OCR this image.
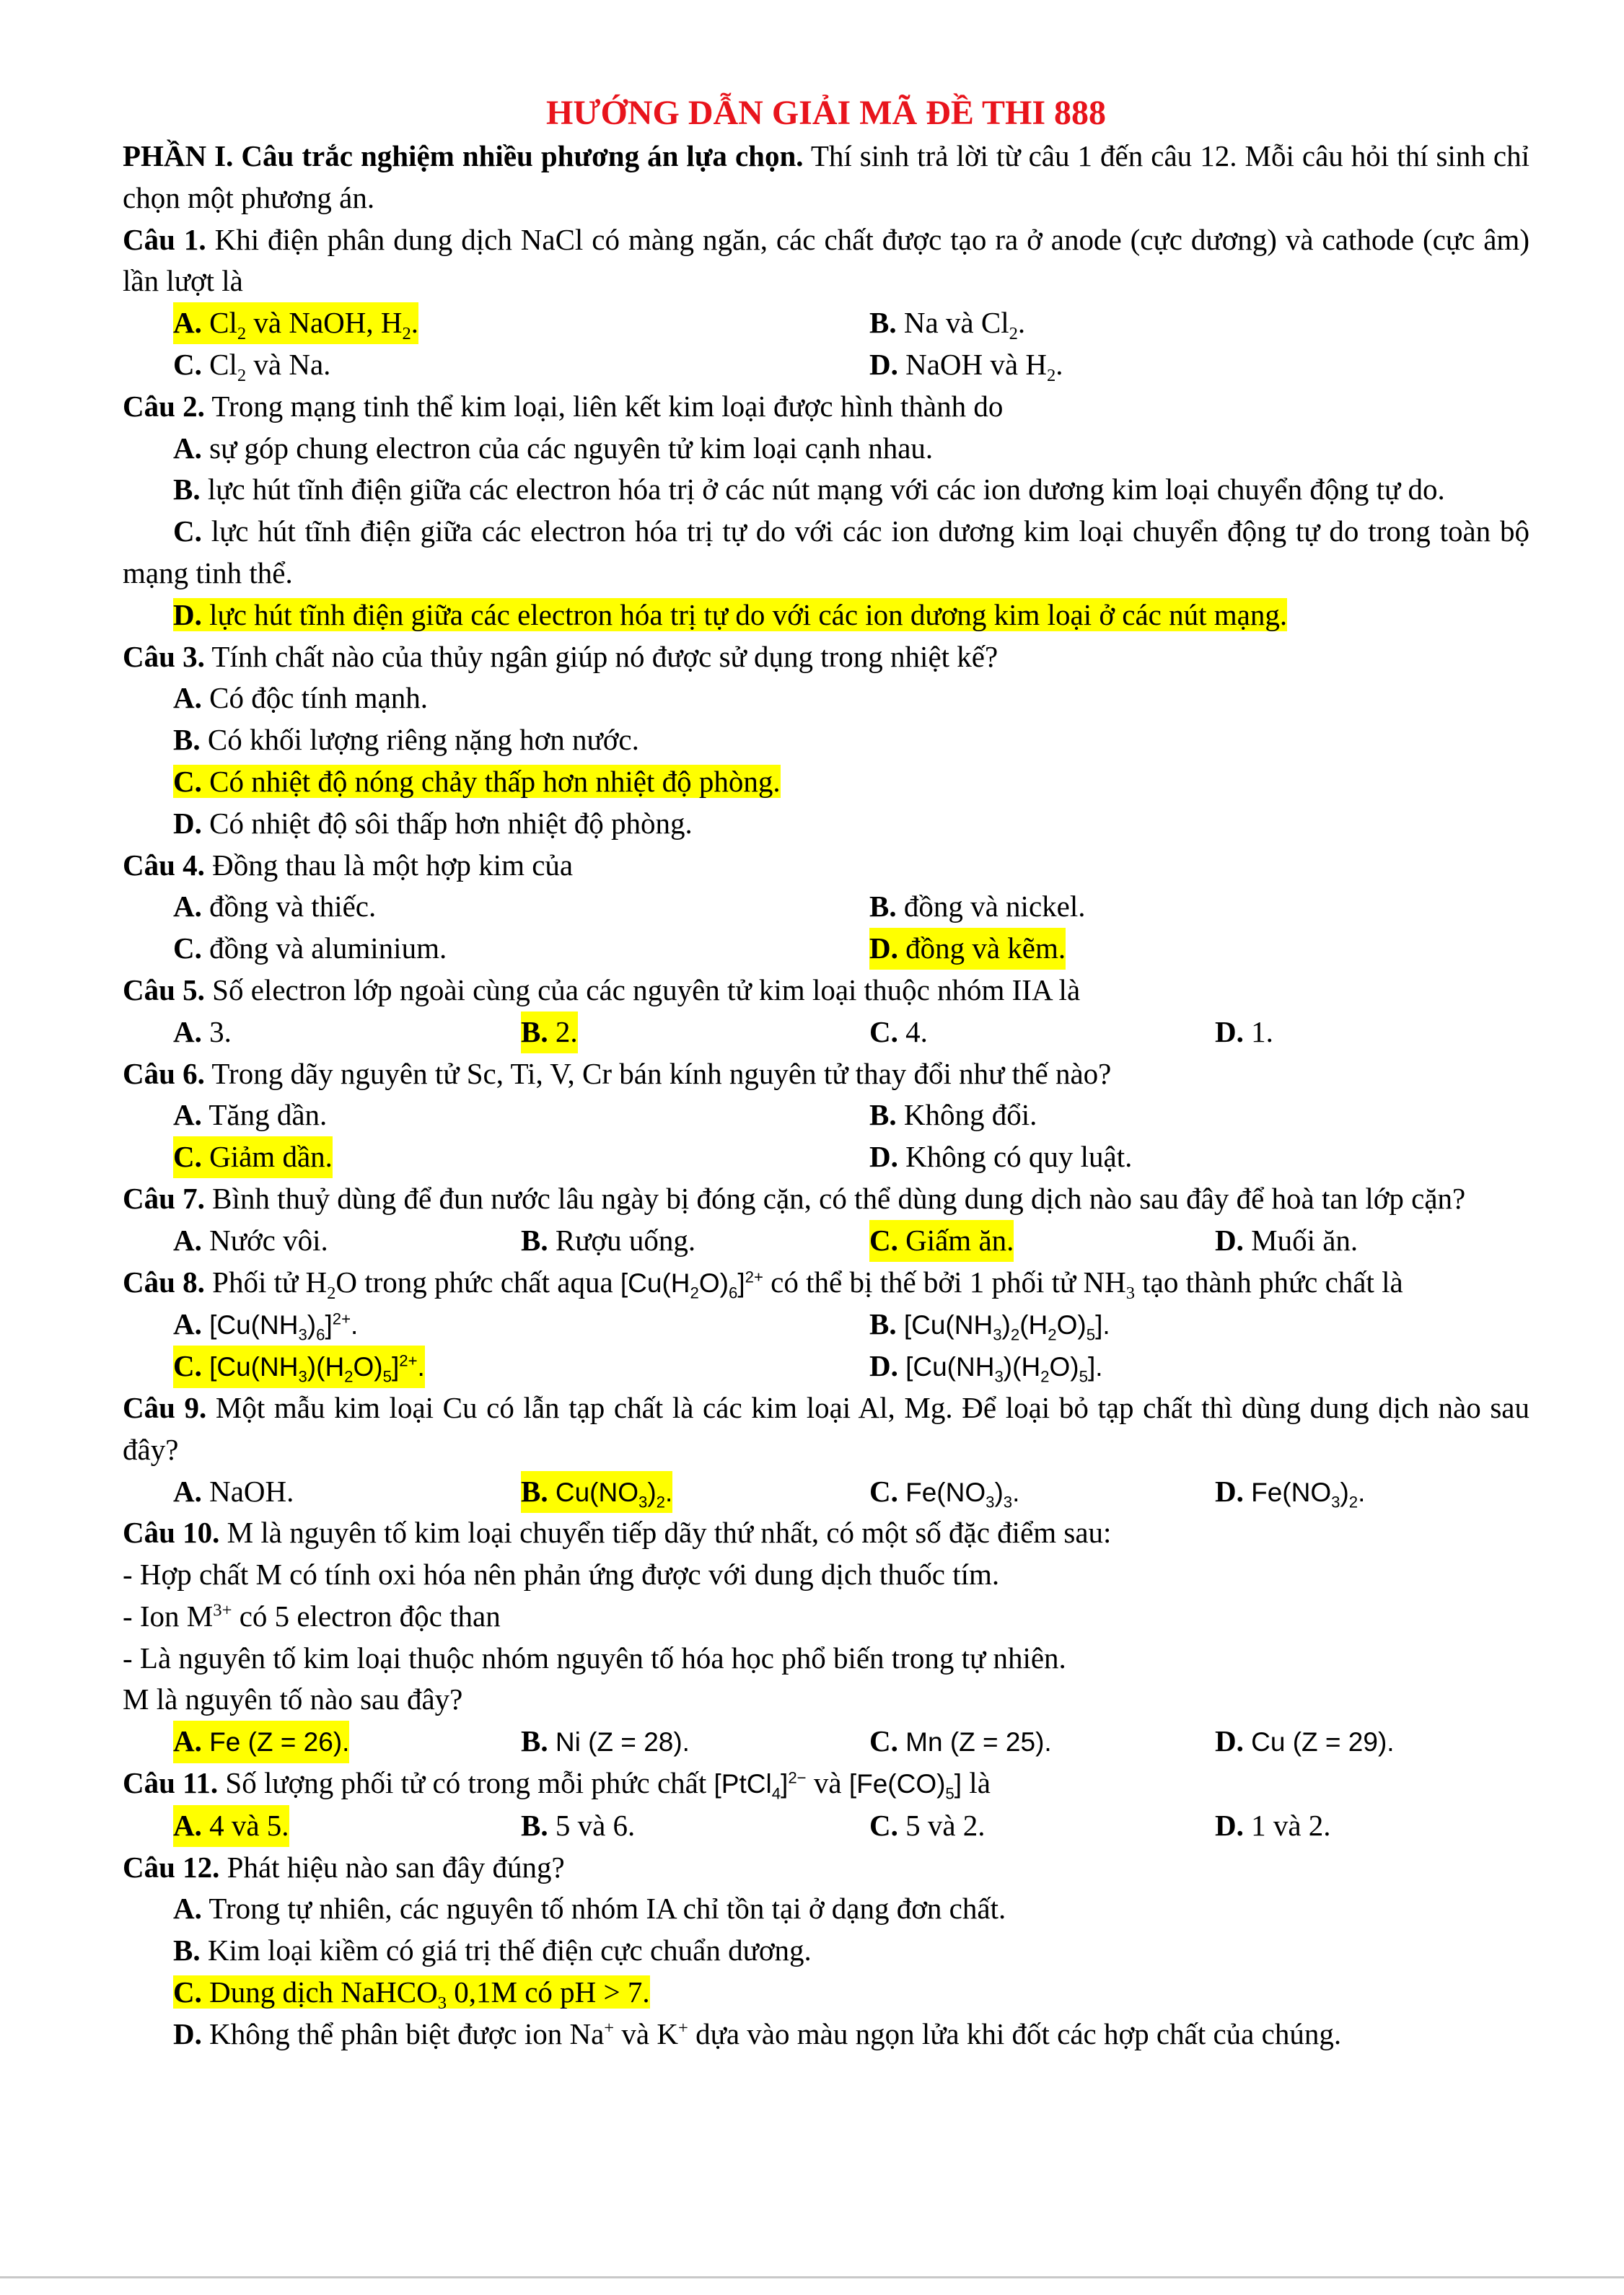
HƯỚNG DẪN GIẢI MÃ ĐỀ THI 888
PHẦN I. Câu trắc nghiệm nhiều phương án lựa chọn. Thí sinh trả lời từ câu 1 đến câu 12. Mỗi câu hỏi thí sinh chỉ chọn một phương án.
Câu 1. Khi điện phân dung dịch NaCl có màng ngăn, các chất được tạo ra ở anode (cực dương) và cathode (cực âm) lần lượt là
A. $Cl_2$ và NaOH, $H_2$.	B. Na và $Cl_2$.
C. $Cl_2$ và Na.	D. NaOH và $H_2$.
Câu 2. Trong mạng tinh thể kim loại, liên kết kim loại được hình thành do
A. sự góp chung electron của các nguyên tử kim loại cạnh nhau.
B. lực hút tĩnh điện giữa các electron hóa trị ở các nút mạng với các ion dương kim loại chuyển động tự do.
C. lực hút tĩnh điện giữa các electron hóa trị tự do với các ion dương kim loại chuyển động tự do trong toàn bộ mạng tinh thể.
D. lực hút tĩnh điện giữa các electron hóa trị tự do với các ion dương kim loại ở các nút mạng.
Câu 3. Tính chất nào của thủy ngân giúp nó được sử dụng trong nhiệt kế?
A. Có độc tính mạnh.
B. Có khối lượng riêng nặng hơn nước.
C. Có nhiệt độ nóng chảy thấp hơn nhiệt độ phòng.
D. Có nhiệt độ sôi thấp hơn nhiệt độ phòng.
Câu 4. Đồng thau là một hợp kim của
A. đồng và thiếc.	B. đồng và nickel.
C. đồng và aluminium.	D. đồng và kẽm.
Câu 5. Số electron lớp ngoài cùng của các nguyên tử kim loại thuộc nhóm IIA là
A. 3.	B. 2.	C. 4.	D. 1.
Câu 6. Trong dãy nguyên tử Sc, Ti, V, Cr bán kính nguyên tử thay đổi như thế nào?
A. Tăng dần.	B. Không đổi.
C. Giảm dần.	D. Không có quy luật.
Câu 7. Bình thuỷ dùng để đun nước lâu ngày bị đóng cặn, có thể dùng dung dịch nào sau đây để hoà tan lớp cặn?
A. Nước vôi.	B. Rượu uống.	C. Giấm ăn.	D. Muối ăn.
Câu 8. Phối tử $H_2O$ trong phức chất aqua $[Cu(H_2O)_6]^{2+}$ có thể bị thế bởi 1 phối tử $NH_3$ tạo thành phức chất là
A. $[Cu(NH_3)_6]^{2+}$.	B. $[Cu(NH_3)_2(H_2O)_5]$.
C. $[Cu(NH_3)(H_2O)_5]^{2+}$.	D. $[Cu(NH_3)(H_2O)_5]$.
Câu 9. Một mẫu kim loại Cu có lẫn tạp chất là các kim loại Al, Mg. Để loại bỏ tạp chất thì dùng dung dịch nào sau đây?
A. NaOH.	B. $Cu(NO_3)_2$.	C. $Fe(NO_3)_3$.	D. $Fe(NO_3)_2$.
Câu 10. M là nguyên tố kim loại chuyển tiếp dãy thứ nhất, có một số đặc điểm sau:
- Hợp chất M có tính oxi hóa nên phản ứng được với dung dịch thuốc tím.
- Ion $M^{3+}$ có 5 electron độc than
- Là nguyên tố kim loại thuộc nhóm nguyên tố hóa học phổ biến trong tự nhiên.
M là nguyên tố nào sau đây?
A. Fe (Z = 26).	B. Ni (Z = 28).	C. Mn (Z = 25).	D. Cu (Z = 29).
Câu 11. Số lượng phối tử có trong mỗi phức chất [PtCl$_4$]$^{2-}$ và $[Fe(CO)_5]$ là
A. 4 và 5.	B. 5 và 6.	C. 5 và 2.	D. 1 và 2.
Câu 12. Phát hiệu nào san đây đúng?
A. Trong tự nhiên, các nguyên tố nhóm IA chỉ tồn tại ở dạng đơn chất.
B. Kim loại kiềm có giá trị thế điện cực chuẩn dương.
C. Dung dịch NaHCO$_3$ 0,1M có pH > 7.
D. Không thể phân biệt được ion Na+ và K+ dựa vào màu ngọn lửa khi đốt các hợp chất của chúng.
